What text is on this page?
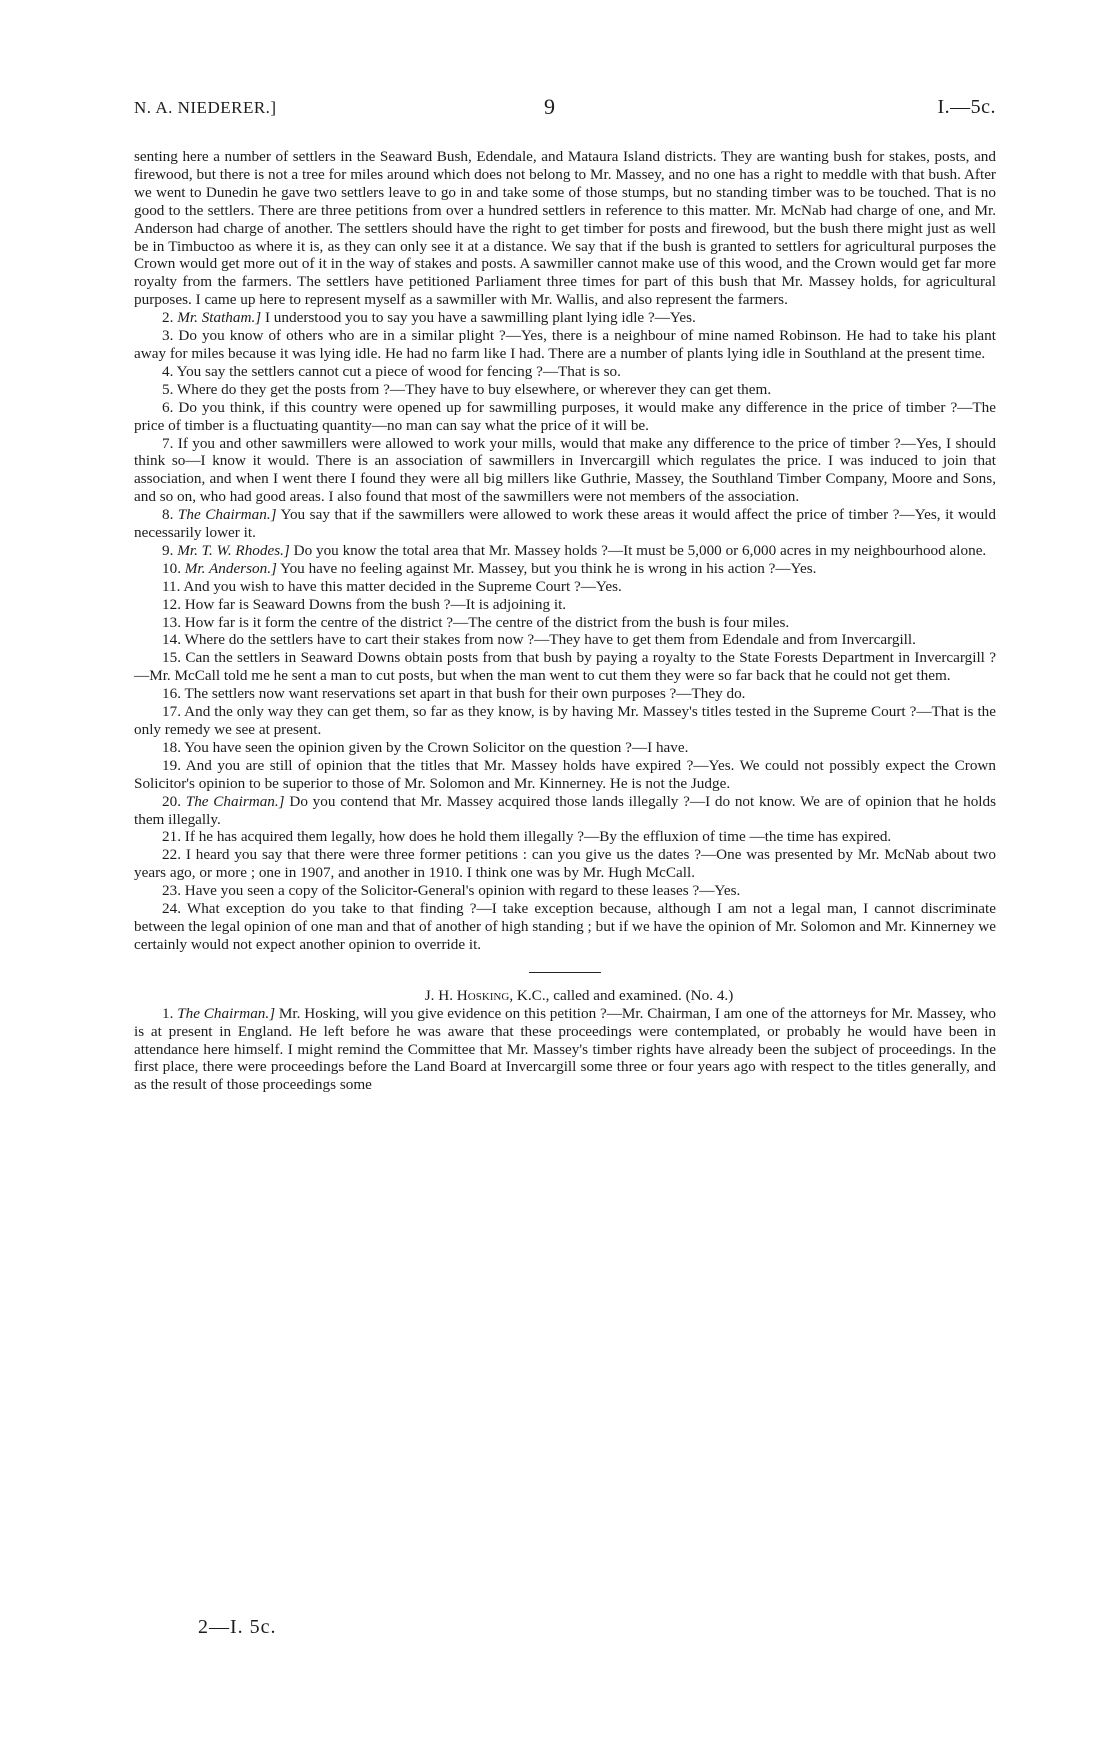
N. A. NIEDERER.]	9	I.—5c.

senting here a number of settlers in the Seaward Bush, Edendale, and Mataura Island districts. They are wanting bush for stakes, posts, and firewood, but there is not a tree for miles around which does not belong to Mr. Massey, and no one has a right to meddle with that bush. After we went to Dunedin he gave two settlers leave to go in and take some of those stumps, but no standing timber was to be touched. That is no good to the settlers. There are three petitions from over a hundred settlers in reference to this matter. Mr. McNab had charge of one, and Mr. Anderson had charge of another. The settlers should have the right to get timber for posts and firewood, but the bush there might just as well be in Timbuctoo as where it is, as they can only see it at a distance. We say that if the bush is granted to settlers for agricultural purposes the Crown would get more out of it in the way of stakes and posts. A sawmiller cannot make use of this wood, and the Crown would get far more royalty from the farmers. The settlers have petitioned Parliament three times for part of this bush that Mr. Massey holds, for agricultural purposes. I came up here to represent myself as a sawmiller with Mr. Wallis, and also represent the farmers.

2. Mr. Statham.] I understood you to say you have a sawmilling plant lying idle ?—Yes.

3. Do you know of others who are in a similar plight ?—Yes, there is a neighbour of mine named Robinson. He had to take his plant away for miles because it was lying idle. He had no farm like I had. There are a number of plants lying idle in Southland at the present time.

4. You say the settlers cannot cut a piece of wood for fencing ?—That is so.

5. Where do they get the posts from ?—They have to buy elsewhere, or wherever they can get them.

6. Do you think, if this country were opened up for sawmilling purposes, it would make any difference in the price of timber ?—The price of timber is a fluctuating quantity—no man can say what the price of it will be.

7. If you and other sawmillers were allowed to work your mills, would that make any difference to the price of timber ?—Yes, I should think so—I know it would. There is an association of sawmillers in Invercargill which regulates the price. I was induced to join that association, and when I went there I found they were all big millers like Guthrie, Massey, the Southland Timber Company, Moore and Sons, and so on, who had good areas. I also found that most of the sawmillers were not members of the association.

8. The Chairman.] You say that if the sawmillers were allowed to work these areas it would affect the price of timber ?—Yes, it would necessarily lower it.

9. Mr. T. W. Rhodes.] Do you know the total area that Mr. Massey holds ?—It must be 5,000 or 6,000 acres in my neighbourhood alone.

10. Mr. Anderson.] You have no feeling against Mr. Massey, but you think he is wrong in his action ?—Yes.

11. And you wish to have this matter decided in the Supreme Court ?—Yes.

12. How far is Seaward Downs from the bush ?—It is adjoining it.

13. How far is it form the centre of the district ?—The centre of the district from the bush is four miles.

14. Where do the settlers have to cart their stakes from now ?—They have to get them from Edendale and from Invercargill.

15. Can the settlers in Seaward Downs obtain posts from that bush by paying a royalty to the State Forests Department in Invercargill ?—Mr. McCall told me he sent a man to cut posts, but when the man went to cut them they were so far back that he could not get them.

16. The settlers now want reservations set apart in that bush for their own purposes ?—They do.

17. And the only way they can get them, so far as they know, is by having Mr. Massey's titles tested in the Supreme Court ?—That is the only remedy we see at present.

18. You have seen the opinion given by the Crown Solicitor on the question ?—I have.

19. And you are still of opinion that the titles that Mr. Massey holds have expired ?—Yes. We could not possibly expect the Crown Solicitor's opinion to be superior to those of Mr. Solomon and Mr. Kinnerney. He is not the Judge.

20. The Chairman.] Do you contend that Mr. Massey acquired those lands illegally ?—I do not know. We are of opinion that he holds them illegally.

21. If he has acquired them legally, how does he hold them illegally ?—By the effluxion of time —the time has expired.

22. I heard you say that there were three former petitions : can you give us the dates ?—One was presented by Mr. McNab about two years ago, or more ; one in 1907, and another in 1910. I think one was by Mr. Hugh McCall.

23. Have you seen a copy of the Solicitor-General's opinion with regard to these leases ?—Yes.

24. What exception do you take to that finding ?—I take exception because, although I am not a legal man, I cannot discriminate between the legal opinion of one man and that of another of high standing ; but if we have the opinion of Mr. Solomon and Mr. Kinnerney we certainly would not expect another opinion to override it.

J. H. Hosking, K.C., called and examined. (No. 4.)

1. The Chairman.] Mr. Hosking, will you give evidence on this petition ?—Mr. Chairman, I am one of the attorneys for Mr. Massey, who is at present in England. He left before he was aware that these proceedings were contemplated, or probably he would have been in attendance here himself. I might remind the Committee that Mr. Massey's timber rights have already been the subject of proceedings. In the first place, there were proceedings before the Land Board at Invercargill some three or four years ago with respect to the titles generally, and as the result of those proceedings some

2—I. 5c.
